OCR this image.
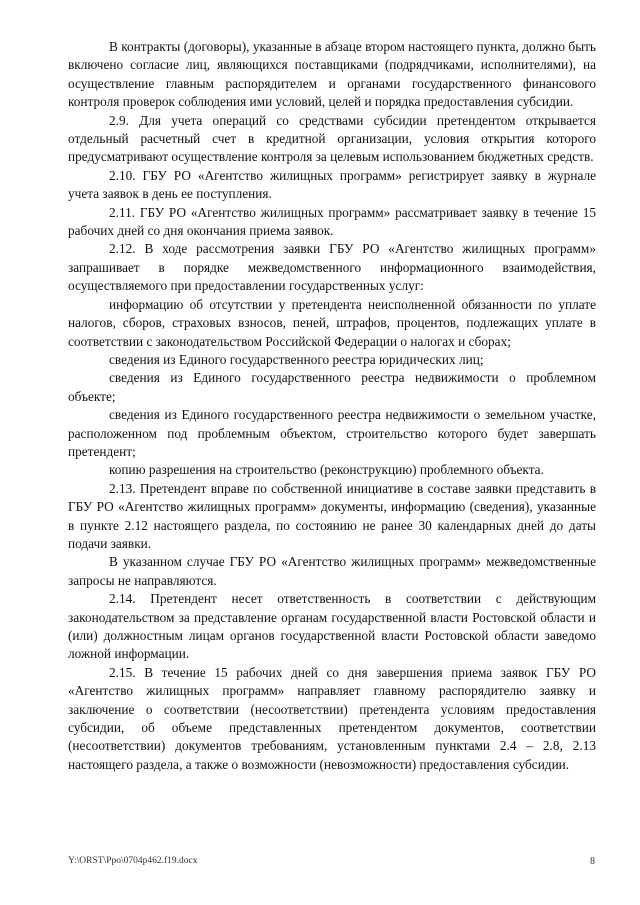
В контракты (договоры), указанные в абзаце втором настоящего пункта, должно быть включено согласие лиц, являющихся поставщиками (подрядчиками, исполнителями), на осуществление главным распорядителем и органами государственного финансового контроля проверок соблюдения ими условий, целей и порядка предоставления субсидии.

2.9. Для учета операций со средствами субсидии претендентом открывается отдельный расчетный счет в кредитной организации, условия открытия которого предусматривают осуществление контроля за целевым использованием бюджетных средств.

2.10. ГБУ РО «Агентство жилищных программ» регистрирует заявку в журнале учета заявок в день ее поступления.

2.11. ГБУ РО «Агентство жилищных программ» рассматривает заявку в течение 15 рабочих дней со дня окончания приема заявок.

2.12. В ходе рассмотрения заявки ГБУ РО «Агентство жилищных программ» запрашивает в порядке межведомственного информационного взаимодействия, осуществляемого при предоставлении государственных услуг:

информацию об отсутствии у претендента неисполненной обязанности по уплате налогов, сборов, страховых взносов, пеней, штрафов, процентов, подлежащих уплате в соответствии с законодательством Российской Федерации о налогах и сборах;

сведения из Единого государственного реестра юридических лиц;

сведения из Единого государственного реестра недвижимости о проблемном объекте;

сведения из Единого государственного реестра недвижимости о земельном участке, расположенном под проблемным объектом, строительство которого будет завершать претендент;

копию разрешения на строительство (реконструкцию) проблемного объекта.

2.13. Претендент вправе по собственной инициативе в составе заявки представить в ГБУ РО «Агентство жилищных программ» документы, информацию (сведения), указанные в пункте 2.12 настоящего раздела, по состоянию не ранее 30 календарных дней до даты подачи заявки.

В указанном случае ГБУ РО «Агентство жилищных программ» межведомственные запросы не направляются.

2.14. Претендент несет ответственность в соответствии с действующим законодательством за представление органам государственной власти Ростовской области и (или) должностным лицам органов государственной власти Ростовской области заведомо ложной информации.

2.15. В течение 15 рабочих дней со дня завершения приема заявок ГБУ РО «Агентство жилищных программ» направляет главному распорядителю заявку и заключение о соответствии (несоответствии) претендента условиям предоставления субсидии, об объеме представленных претендентом документов, соответствии (несоответствии) документов требованиям, установленным пунктами 2.4 – 2.8, 2.13 настоящего раздела, а также о возможности (невозможности) предоставления субсидии.

Y:\ORST\Ppo\0704p462.f19.docx	8
